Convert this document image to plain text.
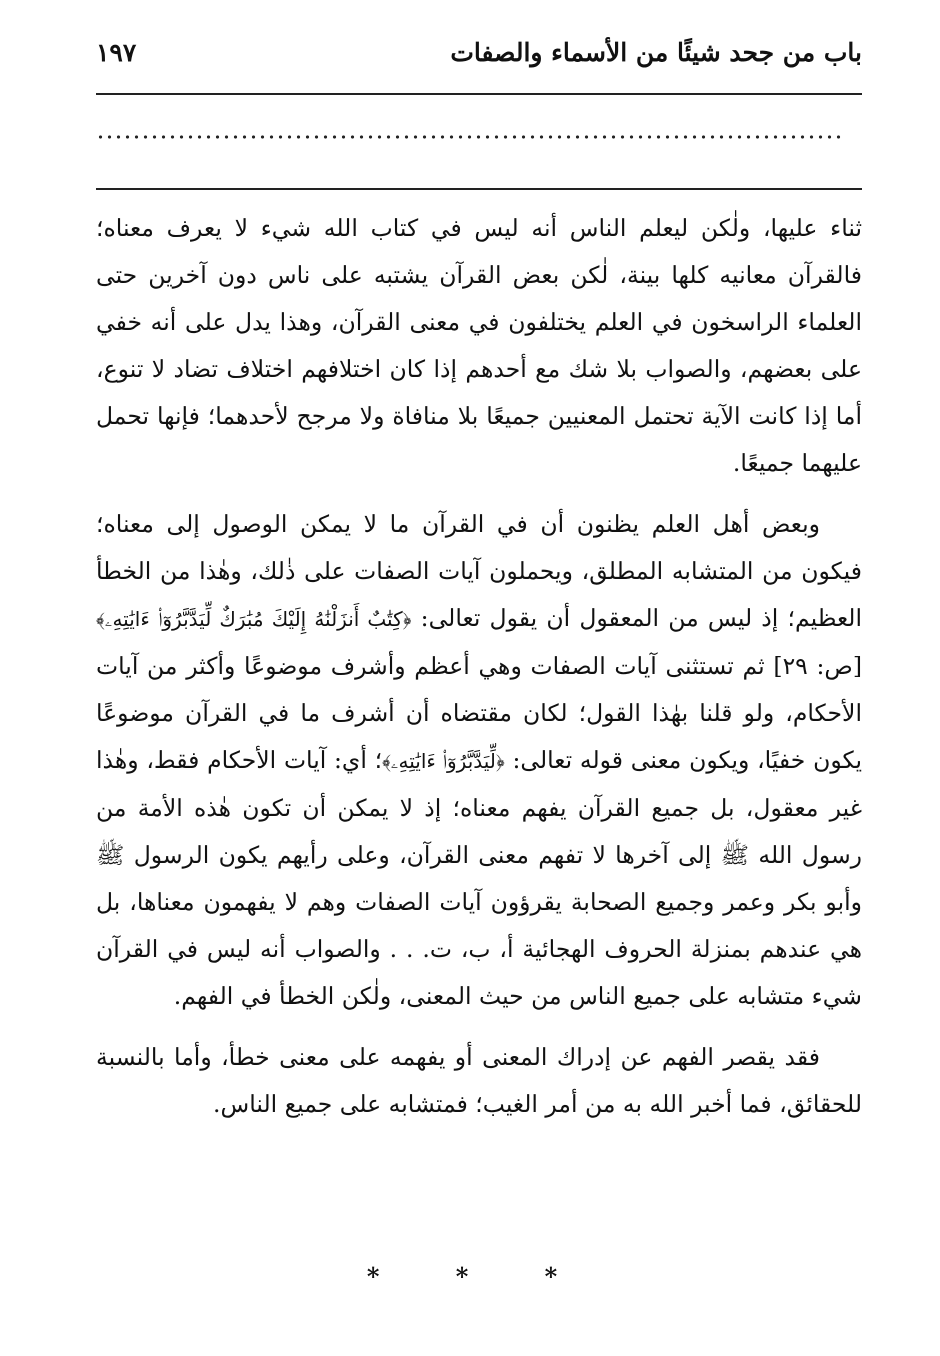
باب من جحد شيئًا من الأسماء والصفات
١٩٧

ثناء عليها، ولٰكن ليعلم الناس أنه ليس في كتاب الله شيء لا يعرف معناه؛ فالقرآن معانيه كلها بينة، لٰكن بعض القرآن يشتبه على ناس دون آخرين حتى العلماء الراسخون في العلم يختلفون في معنى القرآن، وهذا يدل على أنه خفي على بعضهم، والصواب بلا شك مع أحدهم إذا كان اختلافهم اختلاف تضاد لا تنوع، أما إذا كانت الآية تحتمل المعنيين جميعًا بلا منافاة ولا مرجح لأحدهما؛ فإنها تحمل عليهما جميعًا.

وبعض أهل العلم يظنون أن في القرآن ما لا يمكن الوصول إلى معناه؛ فيكون من المتشابه المطلق، ويحملون آيات الصفات على ذٰلك، وهٰذا من الخطأ العظيم؛ إذ ليس من المعقول أن يقول تعالى: ﴿كِتَٰبٌ أَنزَلْنَٰهُ إِلَيْكَ مُبَٰرَكٌ لِّيَدَّبَّرُوٓا۟ ءَايَٰتِهِۦ﴾ [ص: ٢٩] ثم تستثنى آيات الصفات وهي أعظم وأشرف موضوعًا وأكثر من آيات الأحكام، ولو قلنا بهٰذا القول؛ لكان مقتضاه أن أشرف ما في القرآن موضوعًا يكون خفيًا، ويكون معنى قوله تعالى: ﴿لِّيَدَّبَّرُوٓا۟ ءَايَٰتِهِۦ﴾؛ أي: آيات الأحكام فقط، وهٰذا غير معقول، بل جميع القرآن يفهم معناه؛ إذ لا يمكن أن تكون هٰذه الأمة من رسول الله ﷺ إلى آخرها لا تفهم معنى القرآن، وعلى رأيهم يكون الرسول ﷺ وأبو بكر وعمر وجميع الصحابة يقرؤون آيات الصفات وهم لا يفهمون معناها، بل هي عندهم بمنزلة الحروف الهجائية أ، ب، ت. . . والصواب أنه ليس في القرآن شيء متشابه على جميع الناس من حيث المعنى، ولٰكن الخطأ في الفهم.

فقد يقصر الفهم عن إدراك المعنى أو يفهمه على معنى خطأ، وأما بالنسبة للحقائق، فما أخبر الله به من أمر الغيب؛ فمتشابه على جميع الناس.

* * *
